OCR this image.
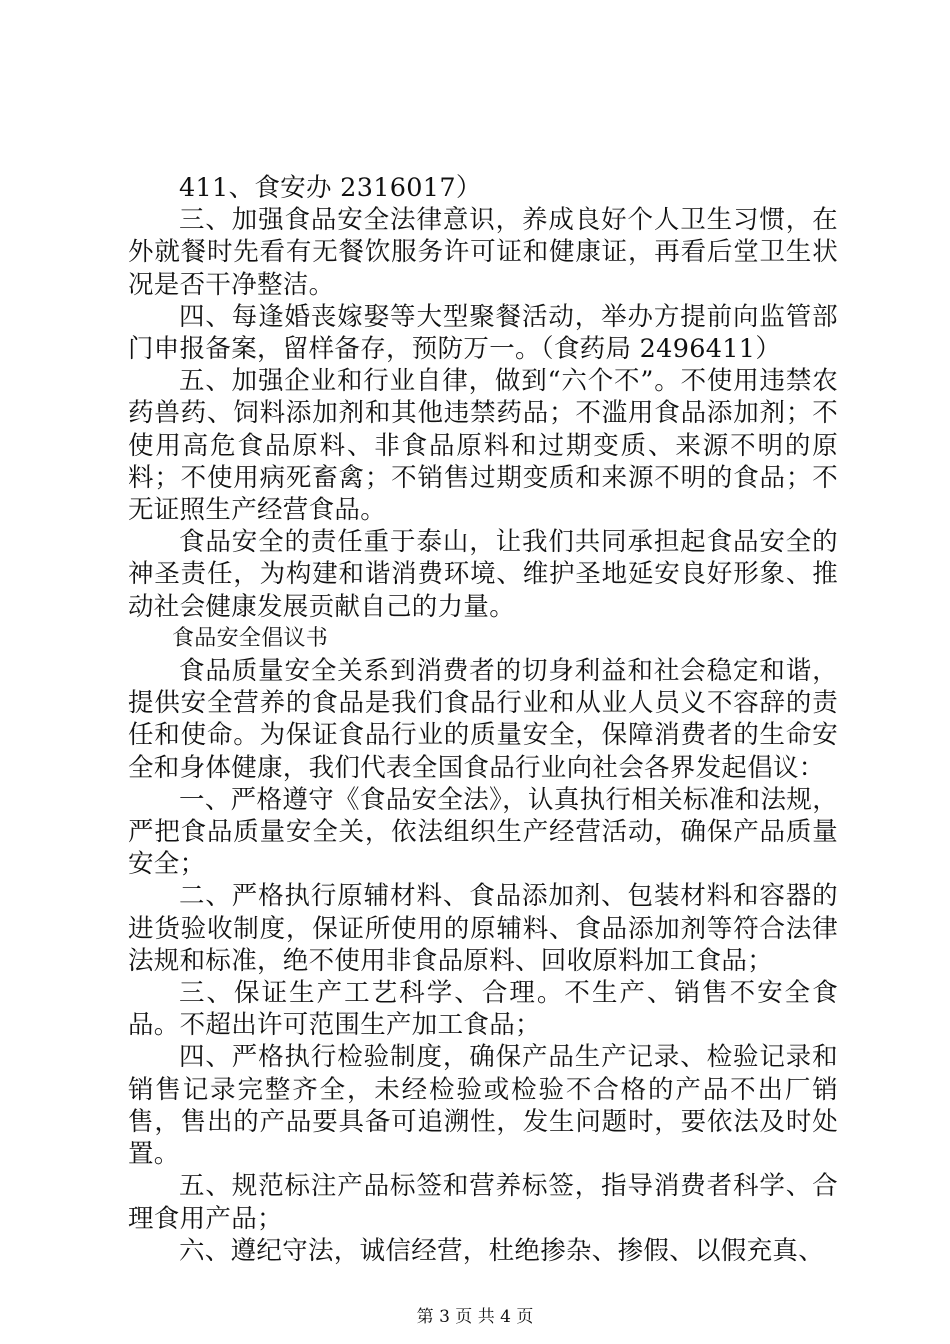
411、食安办 2316017）

三、加强食品安全法律意识，养成良好个人卫生习惯，在外就餐时先看有无餐饮服务许可证和健康证，再看后堂卫生状况是否干净整洁。

四、每逢婚丧嫁娶等大型聚餐活动，举办方提前向监管部门申报备案，留样备存，预防万一。（食药局 2496411）

五、加强企业和行业自律，做到“六个不”。不使用违禁农药兽药、饲料添加剂和其他违禁药品；不滥用食品添加剂；不使用高危食品原料、非食品原料和过期变质、来源不明的原料；不使用病死畜禽；不销售过期变质和来源不明的食品；不无证照生产经营食品。

食品安全的责任重于泰山，让我们共同承担起食品安全的神圣责任，为构建和谐消费环境、维护圣地延安良好形象、推动社会健康发展贡献自己的力量。

食品安全倡议书

食品质量安全关系到消费者的切身利益和社会稳定和谐，提供安全营养的食品是我们食品行业和从业人员义不容辞的责任和使命。为保证食品行业的质量安全，保障消费者的生命安全和身体健康，我们代表全国食品行业向社会各界发起倡议：

一、严格遵守《食品安全法》，认真执行相关标准和法规，严把食品质量安全关，依法组织生产经营活动，确保产品质量安全；

二、严格执行原辅材料、食品添加剂、包装材料和容器的进货验收制度，保证所使用的原辅料、食品添加剂等符合法律法规和标准，绝不使用非食品原料、回收原料加工食品；

三、保证生产工艺科学、合理。不生产、销售不安全食品。不超出许可范围生产加工食品；

四、严格执行检验制度，确保产品生产记录、检验记录和销售记录完整齐全，未经检验或检验不合格的产品不出厂销售，售出的产品要具备可追溯性，发生问题时，要依法及时处置。

五、规范标注产品标签和营养标签，指导消费者科学、合理食用产品；

六、遵纪守法，诚信经营，杜绝掺杂、掺假、以假充真、

第 3 页 共 4 页
